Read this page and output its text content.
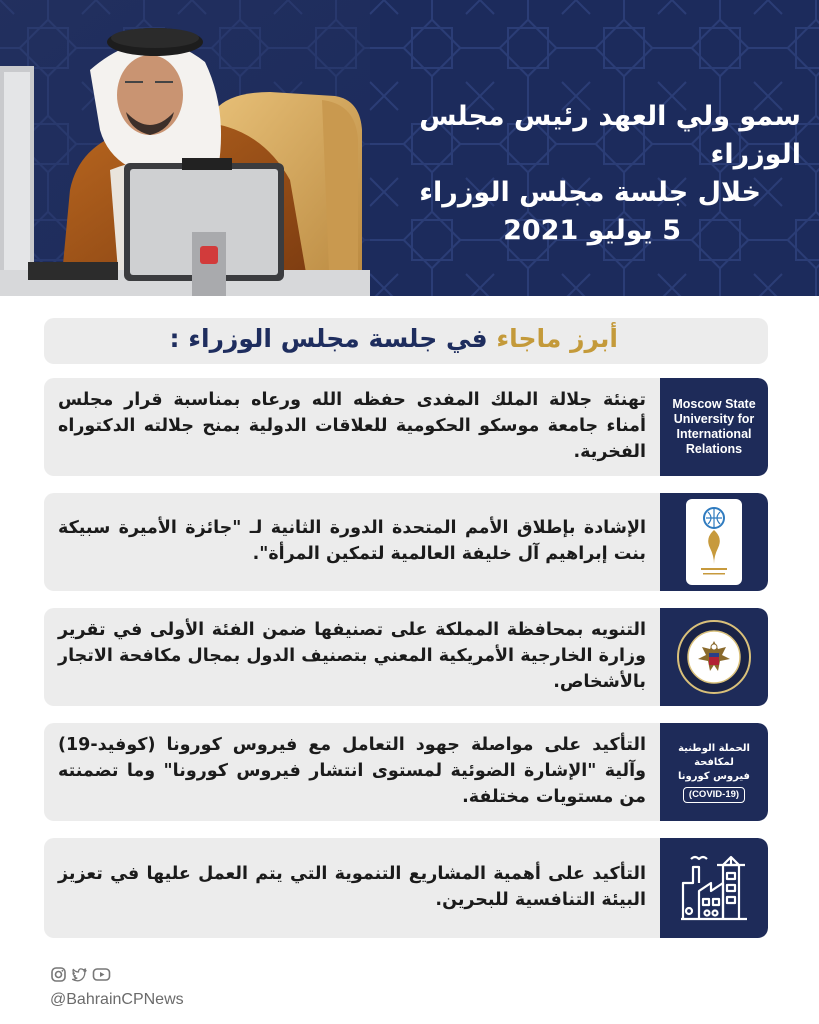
سمو ولي العهد رئيس مجلس الوزراء
خلال جلسة مجلس الوزراء
5 يوليو 2021
أبرز ماجاء في جلسة مجلس الوزراء :
Moscow State
University for
International
Relations
تهنئة جلالة الملك المفدى حفظه الله ورعاه بمناسبة قرار مجلس أمناء جامعة موسكو الحكومية للعلاقات الدولية بمنح جلالته الدكتوراه الفخرية.
الإشادة بإطلاق الأمم المتحدة الدورة الثانية لـ "جائزة الأميرة سبيكة بنت إبراهيم آل خليفة العالمية لتمكين المرأة".
التنويه بمحافظة المملكة على تصنيفها ضمن الفئة الأولى في تقرير وزارة الخارجية الأمريكية المعني بتصنيف الدول بمجال مكافحة الاتجار بالأشخاص.
الحملة الوطنية
لمكافحة
فيروس كورونا
(COVID-19)
التأكيد على مواصلة جهود التعامل مع فيروس كورونا (كوفيد-19) وآلية "الإشارة الضوئية لمستوى انتشار فيروس كورونا" وما تضمنته من مستويات مختلفة.
التأكيد على أهمية المشاريع التنموية التي يتم العمل عليها في تعزيز البيئة التنافسية للبحرين.
@BahrainCPNews
